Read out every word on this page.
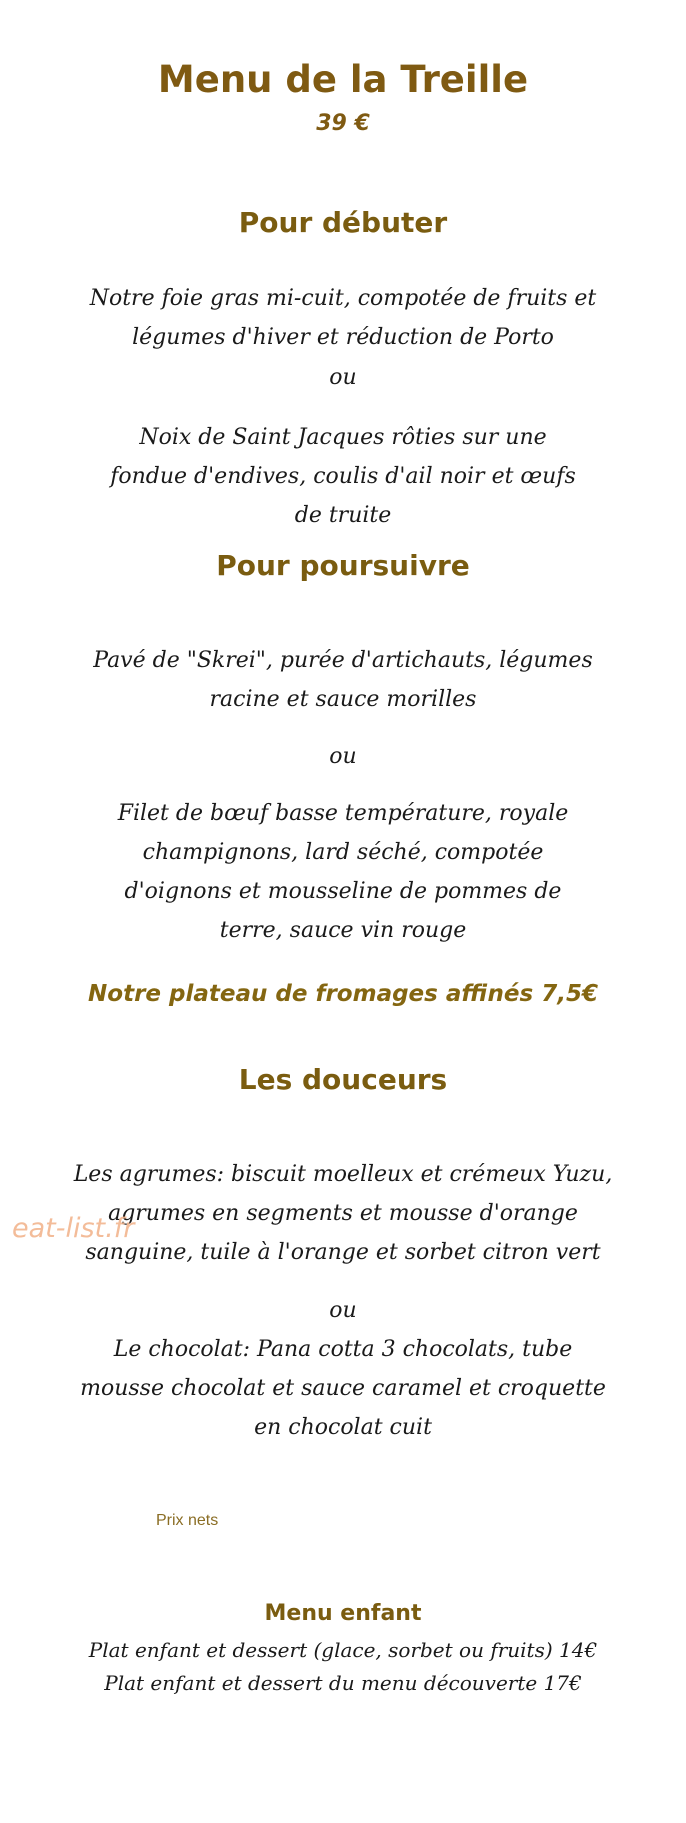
Menu de la Treille
39 €
Pour débuter
Notre foie gras mi-cuit, compotée de fruits et légumes d'hiver et réduction de Porto
ou
Noix de Saint Jacques rôties sur une fondue d'endives, coulis d'ail noir et œufs de truite
Pour poursuivre
Pavé de "Skrei", purée d'artichauts, légumes racine et sauce morilles
ou
Filet de bœuf basse température, royale champignons, lard séché, compotée d'oignons et mousseline de pommes de terre, sauce vin rouge
Notre plateau de fromages affinés 7,5€
Les douceurs
Les agrumes: biscuit moelleux et crémeux Yuzu, agrumes en segments et mousse d'orange sanguine, tuile à l'orange et sorbet citron vert
ou
Le chocolat: Pana cotta 3 chocolats, tube mousse chocolat et sauce caramel et croquette en chocolat cuit
eat-list.fr
Prix nets
Menu enfant
Plat enfant et dessert (glace, sorbet ou fruits) 14€
Plat enfant et dessert du menu découverte 17€
